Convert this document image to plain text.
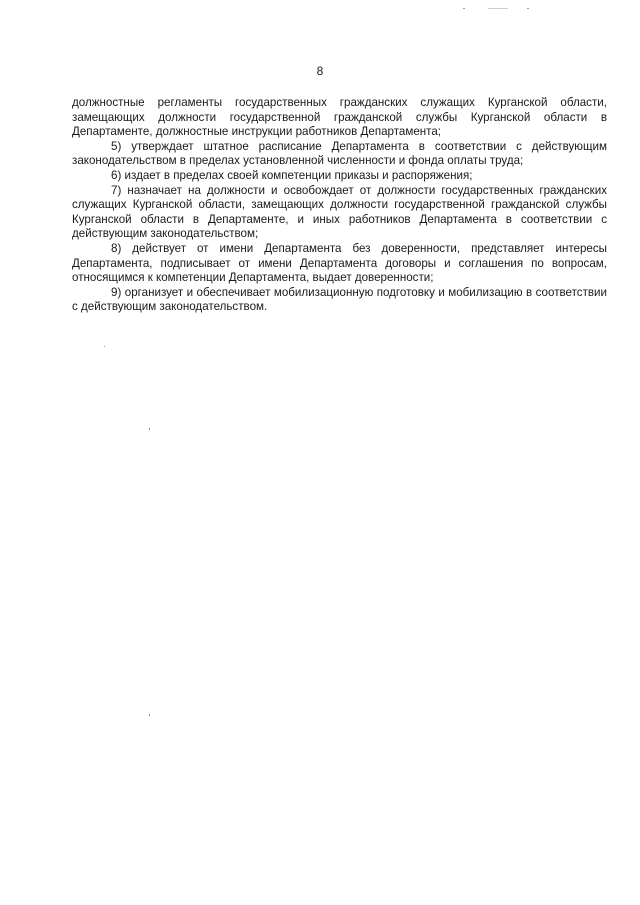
8

должностные регламенты государственных гражданских служащих Курганской области, замещающих должности государственной гражданской службы Курганской области в Департаменте, должностные инструкции работников Департамента;

5) утверждает штатное расписание Департамента в соответствии с действующим законодательством в пределах установленной численности и фонда оплаты труда;

6) издает в пределах своей компетенции приказы и распоряжения;

7) назначает на должности и освобождает от должности государственных гражданских служащих Курганской области, замещающих должности государственной гражданской службы Курганской области в Департаменте, и иных работников Департамента в соответствии с действующим законодательством;

8) действует от имени Департамента без доверенности, представляет интересы Департамента, подписывает от имени Департамента договоры и соглашения по вопросам, относящимся к компетенции Департамента, выдает доверенности;

9) организует и обеспечивает мобилизационную подготовку и мобилизацию в соответствии с действующим законодательством.
